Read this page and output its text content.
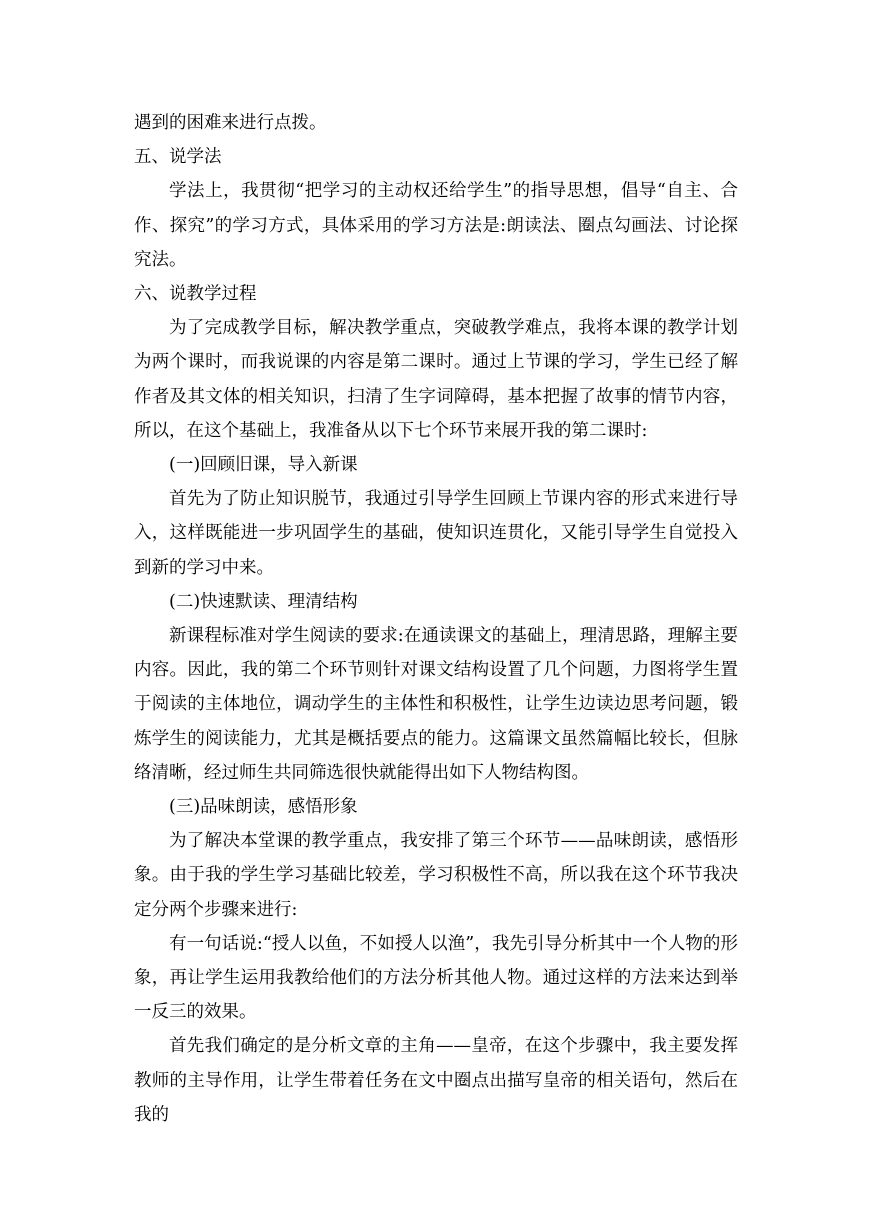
遇到的困难来进行点拨。

五、说学法

学法上，我贯彻“把学习的主动权还给学生”的指导思想，倡导“自主、合作、探究”的学习方式，具体采用的学习方法是:朗读法、圈点勾画法、讨论探究法。

六、说教学过程

为了完成教学目标，解决教学重点，突破教学难点，我将本课的教学计划为两个课时，而我说课的内容是第二课时。通过上节课的学习，学生已经了解作者及其文体的相关知识，扫清了生字词障碍，基本把握了故事的情节内容，所以，在这个基础上，我准备从以下七个环节来展开我的第二课时:

(一)回顾旧课，导入新课

首先为了防止知识脱节，我通过引导学生回顾上节课内容的形式来进行导入，这样既能进一步巩固学生的基础，使知识连贯化，又能引导学生自觉投入到新的学习中来。

(二)快速默读、理清结构

新课程标准对学生阅读的要求:在通读课文的基础上，理清思路，理解主要内容。因此，我的第二个环节则针对课文结构设置了几个问题，力图将学生置于阅读的主体地位，调动学生的主体性和积极性，让学生边读边思考问题，锻炼学生的阅读能力，尤其是概括要点的能力。这篇课文虽然篇幅比较长，但脉络清晰，经过师生共同筛选很快就能得出如下人物结构图。

(三)品味朗读，感悟形象

为了解决本堂课的教学重点，我安排了第三个环节——品味朗读，感悟形象。由于我的学生学习基础比较差，学习积极性不高，所以我在这个环节我决定分两个步骤来进行:

有一句话说:“授人以鱼，不如授人以渔”，我先引导分析其中一个人物的形象，再让学生运用我教给他们的方法分析其他人物。通过这样的方法来达到举一反三的效果。

首先我们确定的是分析文章的主角——皇帝，在这个步骤中，我主要发挥教师的主导作用，让学生带着任务在文中圈点出描写皇帝的相关语句，然后在我的
